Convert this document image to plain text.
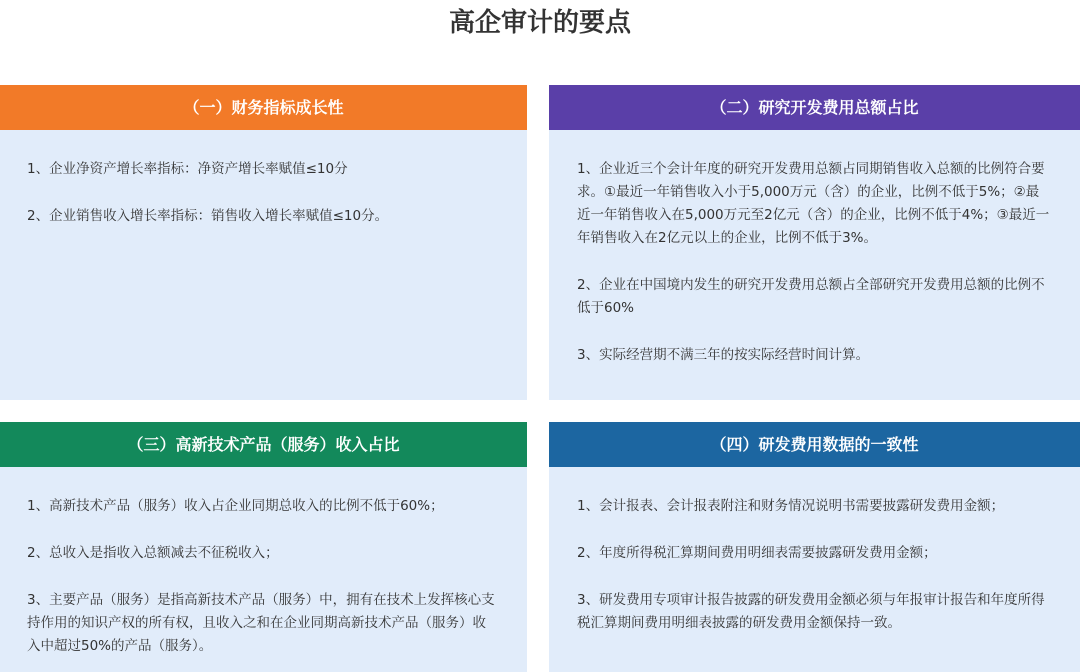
高企审计的要点
（一）财务指标成长性

1、企业净资产增长率指标：净资产增长率赋值≤10分

2、企业销售收入增长率指标：销售收入增长率赋值≤10分。

（二）研究开发费用总额占比

1、企业近三个会计年度的研究开发费用总额占同期销售收入总额的比例符合要求。①最近一年销售收入小于5,000万元（含）的企业，比例不低于5%；②最近一年销售收入在5,000万元至2亿元（含）的企业，比例不低于4%；③最近一年销售收入在2亿元以上的企业，比例不低于3%。

2、企业在中国境内发生的研究开发费用总额占全部研究开发费用总额的比例不低于60%

3、实际经营期不满三年的按实际经营时间计算。

（三）高新技术产品（服务）收入占比

1、高新技术产品（服务）收入占企业同期总收入的比例不低于60%；

2、总收入是指收入总额减去不征税收入；

3、主要产品（服务）是指高新技术产品（服务）中，拥有在技术上发挥核心支持作用的知识产权的所有权，且收入之和在企业同期高新技术产品（服务）收入中超过50%的产品（服务）。

（四）研发费用数据的一致性

1、会计报表、会计报表附注和财务情况说明书需要披露研发费用金额；

2、年度所得税汇算期间费用明细表需要披露研发费用金额；

3、研发费用专项审计报告披露的研发费用金额必须与年报审计报告和年度所得税汇算期间费用明细表披露的研发费用金额保持一致。
